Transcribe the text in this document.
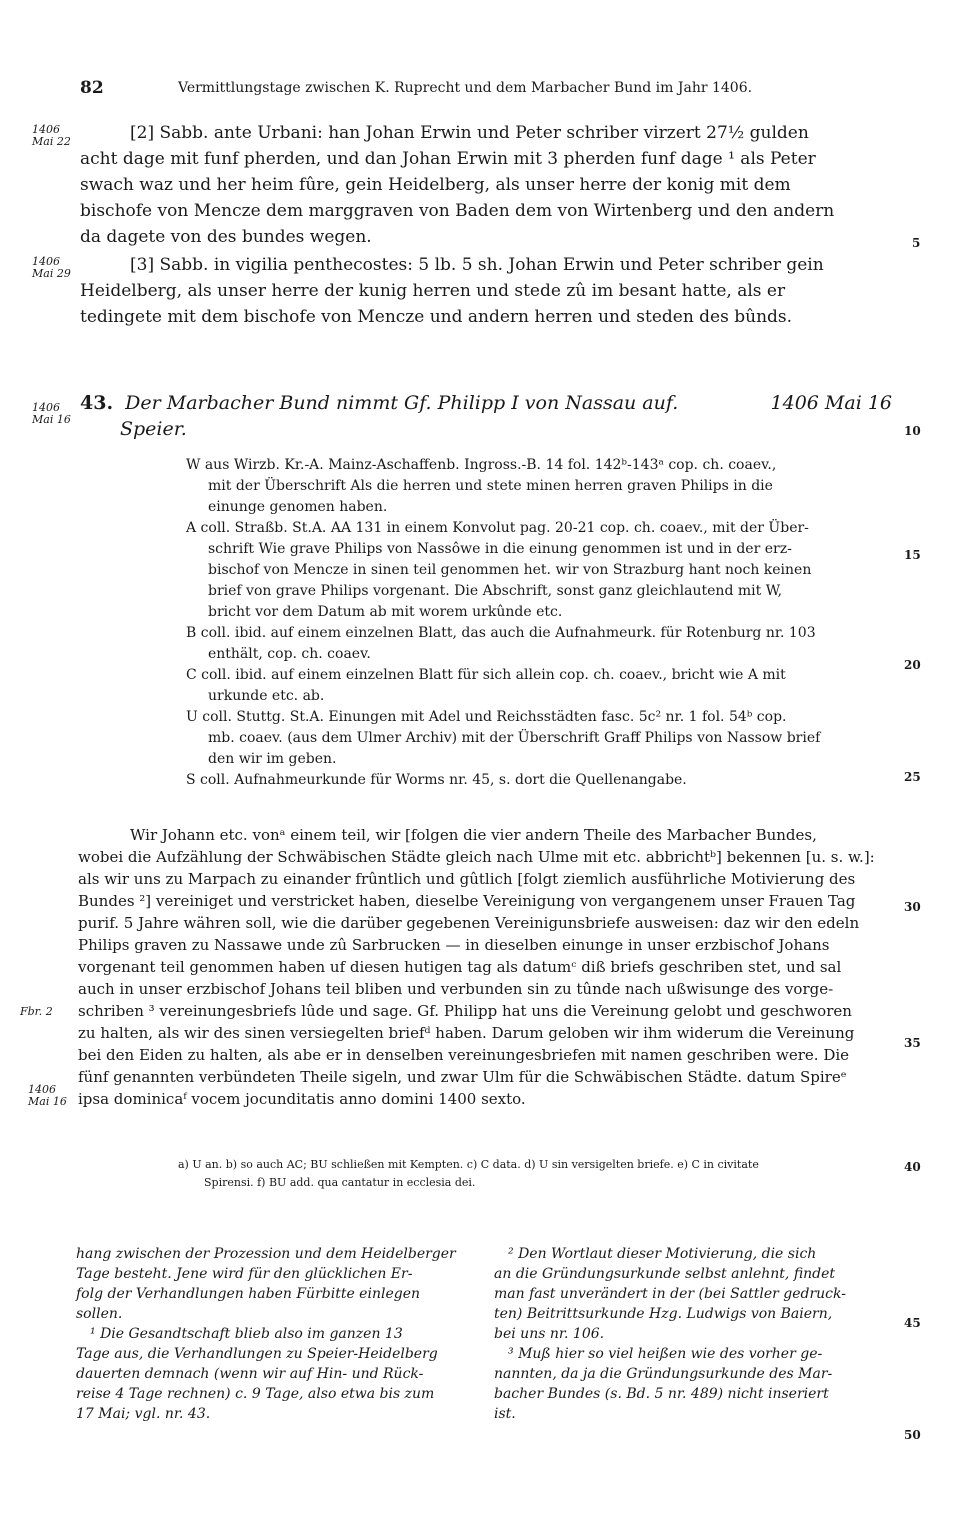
82	Vermittlungstage zwischen K. Ruprecht und dem Marbacher Bund im Jahr 1406.
1406
Mai 22
1406
Mai 29
1406
Mai 16
1406
Mai 16
Fbr. 2
5
10
15
20
25
30
35
40
45
50
[2] Sabb. ante Urbani: han Johan Erwin und Peter schriber virzert 27½ gulden
acht dage mit funf pherden, und dan Johan Erwin mit 3 pherden funf dage ¹ als Peter
swach waz und her heim fûre, gein Heidelberg, als unser herre der konig mit dem
bischofe von Mencze dem marggraven von Baden dem von Wirtenberg und den andern
da dagete von des bundes wegen.
[3] Sabb. in vigilia penthecostes: 5 lb. 5 sh. Johan Erwin und Peter schriber gein
Heidelberg, als unser herre der kunig herren und stede zû im besant hatte, als er
tedingete mit dem bischofe von Mencze und andern herren und steden des bûnds.
43. Der Marbacher Bund nimmt Gf. Philipp I von Nassau auf.	1406 Mai 16
Speier.
W aus Wirzb. Kr.-A. Mainz-Aschaffenb. Ingross.-B. 14 fol. 142ᵇ-143ᵃ cop. ch. coaev.,
mit der Überschrift Als die herren und stete minen herren graven Philips in die
einunge genomen haben.
A coll. Straßb. St.A. AA 131 in einem Konvolut pag. 20-21 cop. ch. coaev., mit der Über-
schrift Wie grave Philips von Nassôwe in die einung genommen ist und in der erz-
bischof von Mencze in sinen teil genommen het. wir von Strazburg hant noch keinen
brief von grave Philips vorgenant. Die Abschrift, sonst ganz gleichlautend mit W,
bricht vor dem Datum ab mit worem urkûnde etc.
B coll. ibid. auf einem einzelnen Blatt, das auch die Aufnahmeurk. für Rotenburg nr. 103
enthält, cop. ch. coaev.
C coll. ibid. auf einem einzelnen Blatt für sich allein cop. ch. coaev., bricht wie A mit
urkunde etc. ab.
U coll. Stuttg. St.A. Einungen mit Adel und Reichsstädten fasc. 5c² nr. 1 fol. 54ᵇ cop.
mb. coaev. (aus dem Ulmer Archiv) mit der Überschrift Graff Philips von Nassow brief
den wir im geben.
S coll. Aufnahmeurkunde für Worms nr. 45, s. dort die Quellenangabe.
Wir Johann etc. vonᵃ einem teil, wir [folgen die vier andern Theile des Marbacher Bundes,
wobei die Aufzählung der Schwäbischen Städte gleich nach Ulme mit etc. abbrichtᵇ] bekennen [u. s. w.]:
als wir uns zu Marpach zu einander frûntlich und gûtlich [folgt ziemlich ausführliche Motivierung des
Bundes ²] vereiniget und verstricket haben, dieselbe Vereinigung von vergangenem unser Frauen Tag
purif. 5 Jahre währen soll, wie die darüber gegebenen Vereinigunsbriefe ausweisen: daz wir den edeln
Philips graven zu Nassawe unde zû Sarbrucken — in dieselben einunge in unser erzbischof Johans
vorgenant teil genommen haben uf diesen hutigen tag als datumᶜ diß briefs geschriben stet, und sal
auch in unser erzbischof Johans teil bliben und verbunden sin zu tûnde nach ußwisunge des vorge-
schriben ³ vereinungesbriefs lûde und sage. Gf. Philipp hat uns die Vereinung gelobt und geschworen
zu halten, als wir des sinen versiegelten briefᵈ haben. Darum geloben wir ihm widerum die Vereinung
bei den Eiden zu halten, als abe er in denselben vereinungesbriefen mit namen geschriben were. Die
fünf genannten verbündeten Theile sigeln, und zwar Ulm für die Schwäbischen Städte. datum Spireᵉ
ipsa dominicaᶠ vocem jocunditatis anno domini 1400 sexto.
a) U an. b) so auch AC; BU schließen mit Kempten. c) C data. d) U sin versigelten briefe. e) C in civitate
Spirensi. f) BU add. qua cantatur in ecclesia dei.
hang zwischen der Prozession und dem Heidelberger
Tage besteht. Jene wird für den glücklichen Er-
folg der Verhandlungen haben Fürbitte einlegen
sollen.
¹ Die Gesandtschaft blieb also im ganzen 13
Tage aus, die Verhandlungen zu Speier-Heidelberg
dauerten demnach (wenn wir auf Hin- und Rück-
reise 4 Tage rechnen) c. 9 Tage, also etwa bis zum
17 Mai; vgl. nr. 43.
² Den Wortlaut dieser Motivierung, die sich
an die Gründungsurkunde selbst anlehnt, findet
man fast unverändert in der (bei Sattler gedruck-
ten) Beitrittsurkunde Hzg. Ludwigs von Baiern,
bei uns nr. 106.
³ Muß hier so viel heißen wie des vorher ge-
nannten, da ja die Gründungsurkunde des Mar-
bacher Bundes (s. Bd. 5 nr. 489) nicht inseriert
ist.
